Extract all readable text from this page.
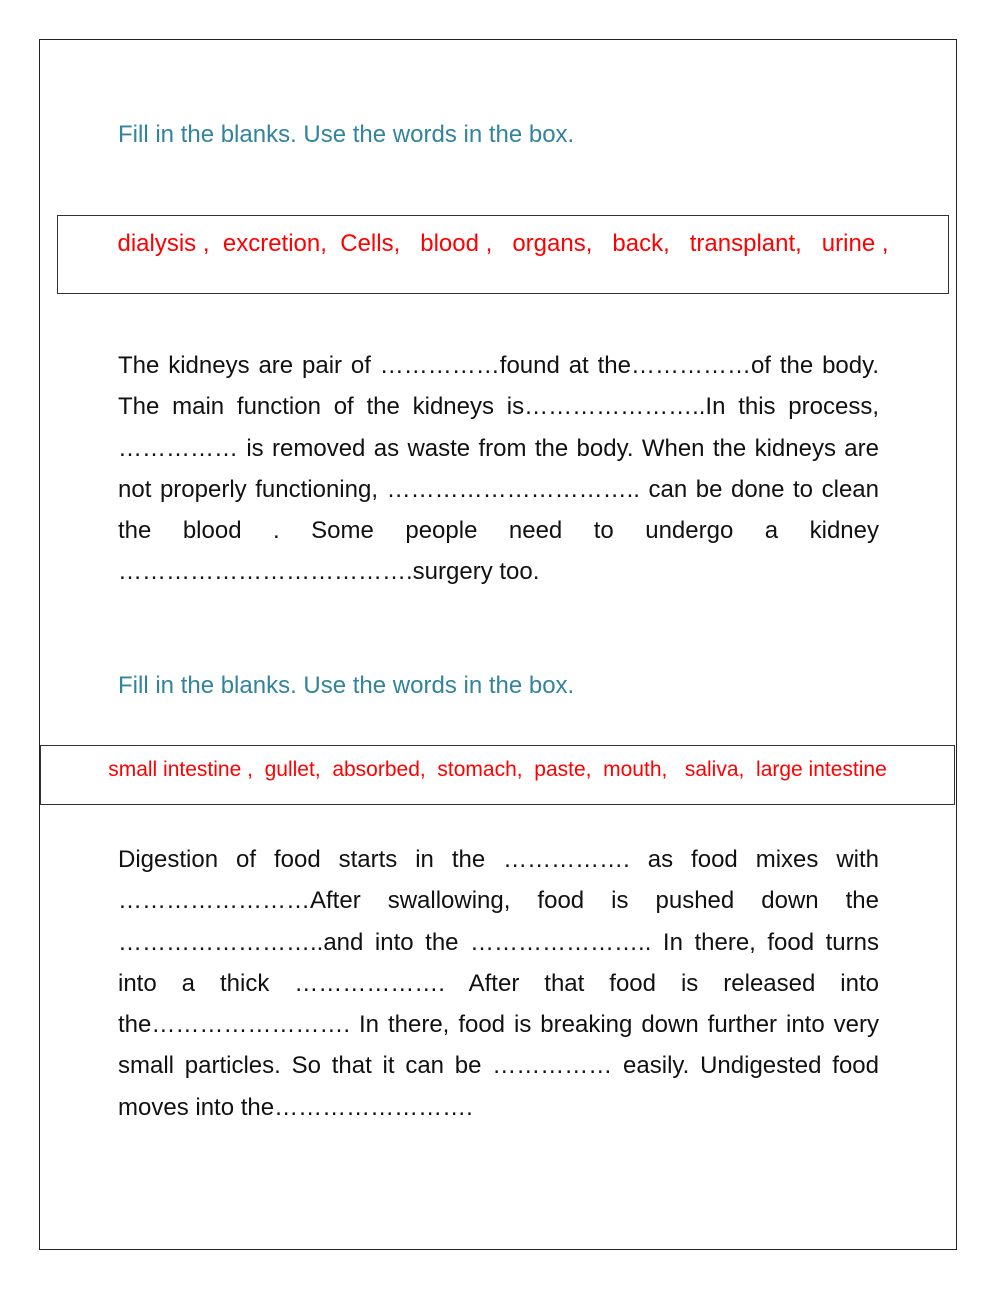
Fill in the blanks. Use the words in the box.
dialysis ,  excretion,  Cells,   blood ,   organs,   back,   transplant,   urine ,

The kidneys are pair of ……………found at the……………of the body. The main function of the kidneys is…………………..In this process, …………… is removed as waste from the body. When the kidneys are not properly functioning, ………………………….. can be done to clean the blood . Some people need to undergo a kidney ……………………………….surgery too.

Fill in the blanks. Use the words in the box.
small intestine ,  gullet,  absorbed,  stomach,  paste,  mouth,   saliva,  large intestine

Digestion of food starts in the ……………. as food mixes with ……………………After swallowing, food is pushed down the ……………………..and into the ………………….. In there, food turns into a thick ………………. After that food is released into the……………………. In there, food is breaking down further into very small particles. So that it can be …………… easily. Undigested food moves into the…………………….
